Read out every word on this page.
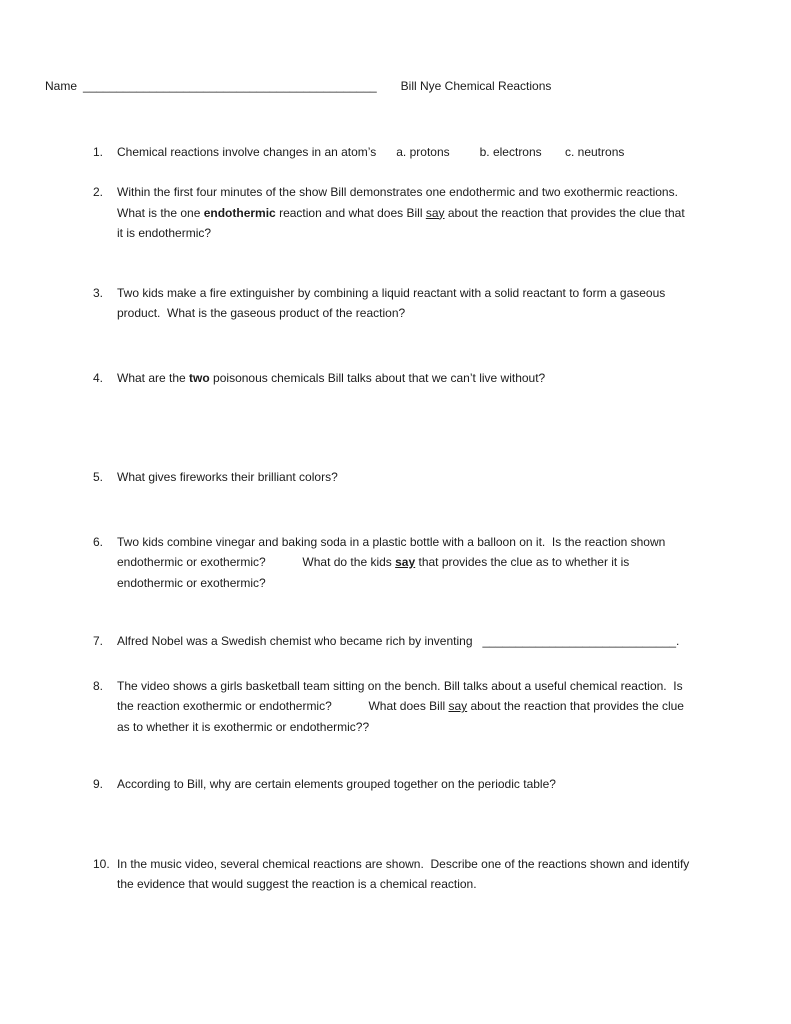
Name ____________________________________________ Bill Nye Chemical Reactions
1.	Chemical reactions involve changes in an atom’s      a. protons         b. electrons       c. neutrons
2.	Within the first four minutes of the show Bill demonstrates one endothermic and two exothermic reactions.
What is the one endothermic reaction and what does Bill say about the reaction that provides the clue that
it is endothermic?
3.	Two kids make a fire extinguisher by combining a liquid reactant with a solid reactant to form a gaseous
product.  What is the gaseous product of the reaction?
4.	What are the two poisonous chemicals Bill talks about that we can’t live without?
5.	What gives fireworks their brilliant colors?
6.	Two kids combine vinegar and baking soda in a plastic bottle with a balloon on it.  Is the reaction shown
endothermic or exothermic?           What do the kids say that provides the clue as to whether it is
endothermic or exothermic?
7.	Alfred Nobel was a Swedish chemist who became rich by inventing   _____________________________.
8.	The video shows a girls basketball team sitting on the bench. Bill talks about a useful chemical reaction.  Is
the reaction exothermic or endothermic?           What does Bill say about the reaction that provides the clue
as to whether it is exothermic or endothermic??
9.	According to Bill, why are certain elements grouped together on the periodic table?
10. In the music video, several chemical reactions are shown.  Describe one of the reactions shown and identify
the evidence that would suggest the reaction is a chemical reaction.
